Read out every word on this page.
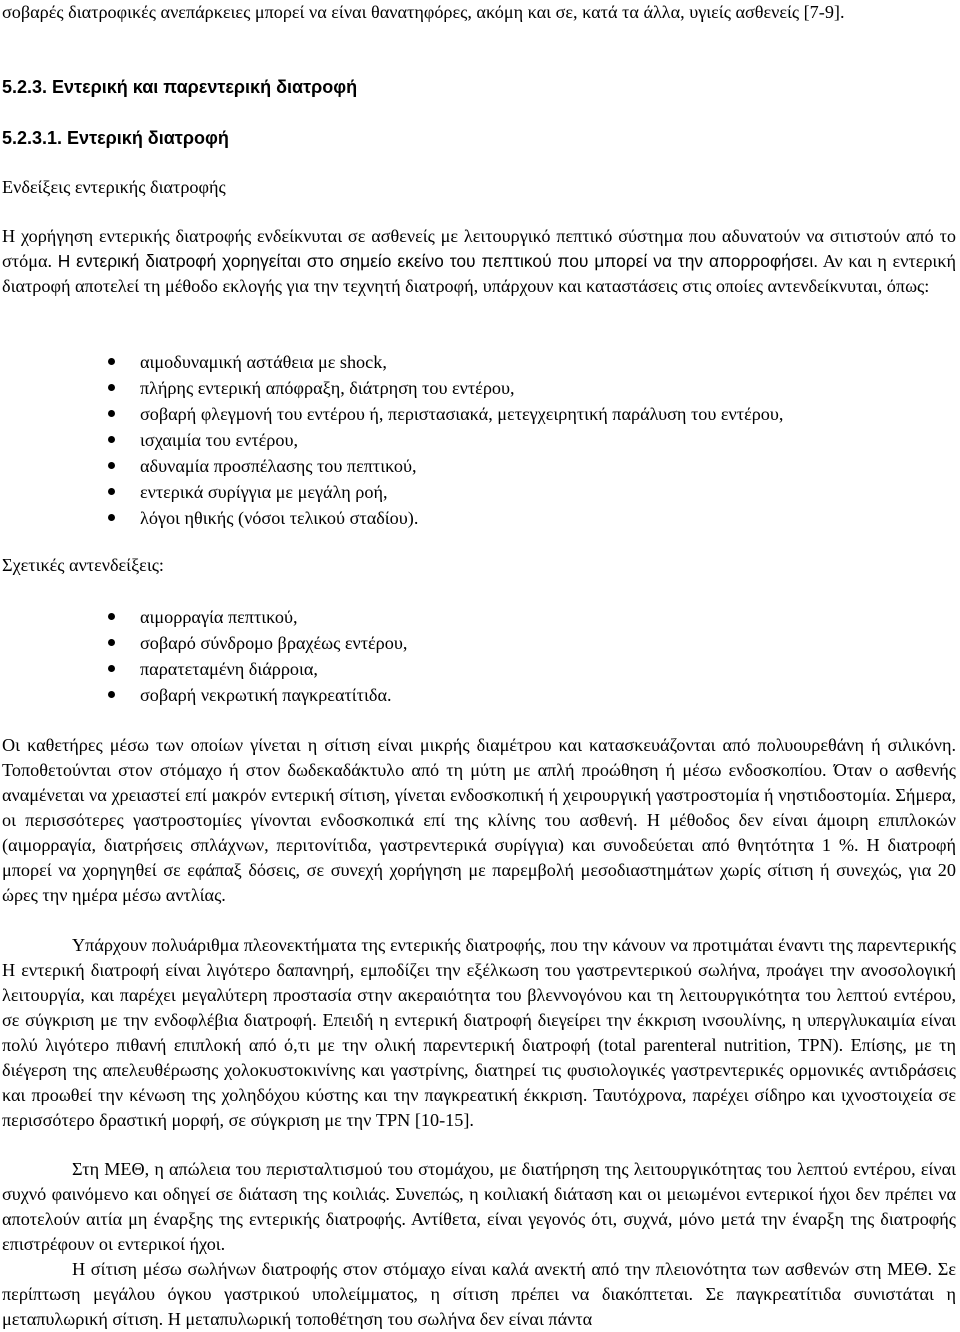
σοβαρές διατροφικές ανεπάρκειες μπορεί να είναι θανατηφόρες, ακόμη και σε, κατά τα άλλα, υγιείς ασθενείς [7-9].

5.2.3. Εντερική και παρεντερική διατροφή
5.2.3.1. Εντερική διατροφή
Ενδείξεις εντερικής διατροφής

Η χορήγηση εντερικής διατροφής ενδείκνυται σε ασθενείς με λειτουργικό πεπτικό σύστημα που αδυνατούν να σιτιστούν από το στόμα. Η εντερική διατροφή χορηγείται στο σημείο εκείνο του πεπτικού που μπορεί να την απορροφήσει. Αν και η εντερική διατροφή αποτελεί τη μέθοδο εκλογής για την τεχνητή διατροφή, υπάρχουν και καταστάσεις στις οποίες αντενδείκνυται, όπως:

αιμοδυναμική αστάθεια με shock,
πλήρης εντερική απόφραξη, διάτρηση του εντέρου,
σοβαρή φλεγμονή του εντέρου ή, περιστασιακά, μετεγχειρητική παράλυση του εντέρου,
ισχαιμία του εντέρου,
αδυναμία προσπέλασης του πεπτικού,
εντερικά συρίγγια με μεγάλη ροή,
λόγοι ηθικής (νόσοι τελικού σταδίου).
Σχετικές αντενδείξεις:
αιμορραγία πεπτικού,
σοβαρό σύνδρομο βραχέως εντέρου,
παρατεταμένη διάρροια,
σοβαρή νεκρωτική παγκρεατίτιδα.

Οι καθετήρες μέσω των οποίων γίνεται η σίτιση είναι μικρής διαμέτρου και κατασκευάζονται από πολυουρεθάνη ή σιλικόνη. Τοποθετούνται στον στόμαχο ή στον δωδεκαδάκτυλο από τη μύτη με απλή προώθηση ή μέσω ενδοσκοπίου. Όταν ο ασθενής αναμένεται να χρειαστεί επί μακρόν εντερική σίτιση, γίνεται ενδοσκοπική ή χειρουργική γαστροστομία ή νηστιδοστομία. Σήμερα, οι περισσότερες γαστροστομίες γίνονται ενδοσκοπικά επί της κλίνης του ασθενή. Η μέθοδος δεν είναι άμοιρη επιπλοκών (αιμορραγία, διατρήσεις σπλάχνων, περιτονίτιδα, γαστρεντερικά συρίγγια) και συνοδεύεται από θνητότητα 1 %. Η διατροφή μπορεί να χορηγηθεί σε εφάπαξ δόσεις, σε συνεχή χορήγηση με παρεμβολή μεσοδιαστημάτων χωρίς σίτιση ή συνεχώς, για 20 ώρες την ημέρα μέσω αντλίας.

Υπάρχουν πολυάριθμα πλεονεκτήματα της εντερικής διατροφής, που την κάνουν να προτιμάται έναντι της παρεντερικής Η εντερική διατροφή είναι λιγότερο δαπανηρή, εμποδίζει την εξέλκωση του γαστρεντερικού σωλήνα, προάγει την ανοσολογική λειτουργία, και παρέχει μεγαλύτερη προστασία στην ακεραιότητα του βλεννογόνου και τη λειτουργικότητα του λεπτού εντέρου, σε σύγκριση με την ενδοφλέβια διατροφή. Επειδή η εντερική διατροφή διεγείρει την έκκριση ινσουλίνης, η υπεργλυκαιμία είναι πολύ λιγότερο πιθανή επιπλοκή από ό,τι με την ολική παρεντερική διατροφή (total parenteral nutrition, TPN). Επίσης, με τη διέγερση της απελευθέρωσης χολοκυστοκινίνης και γαστρίνης, διατηρεί τις φυσιολογικές γαστρεντερικές ορμονικές αντιδράσεις και προωθεί την κένωση της χοληδόχου κύστης και την παγκρεατική έκκριση. Ταυτόχρονα, παρέχει σίδηρο και ιχνοστοιχεία σε περισσότερο δραστική μορφή, σε σύγκριση με την TPN [10-15].

Στη ΜΕΘ, η απώλεια του περισταλτισμού του στομάχου, με διατήρηση της λειτουργικότητας του λεπτού εντέρου, είναι συχνό φαινόμενο και οδηγεί σε διάταση της κοιλιάς. Συνεπώς, η κοιλιακή διάταση και οι μειωμένοι εντερικοί ήχοι δεν πρέπει να αποτελούν αιτία μη έναρξης της εντερικής διατροφής. Αντίθετα, είναι γεγονός ότι, συχνά, μόνο μετά την έναρξη της διατροφής επιστρέφουν οι εντερικοί ήχοι.

Η σίτιση μέσω σωλήνων διατροφής στον στόμαχο είναι καλά ανεκτή από την πλειονότητα των ασθενών στη ΜΕΘ. Σε περίπτωση μεγάλου όγκου γαστρικού υπολείμματος, η σίτιση πρέπει να διακόπτεται. Σε παγκρεατίτιδα συνιστάται η μεταπυλωρική σίτιση. Η μεταπυλωρική τοποθέτηση του σωλήνα δεν είναι πάντα
